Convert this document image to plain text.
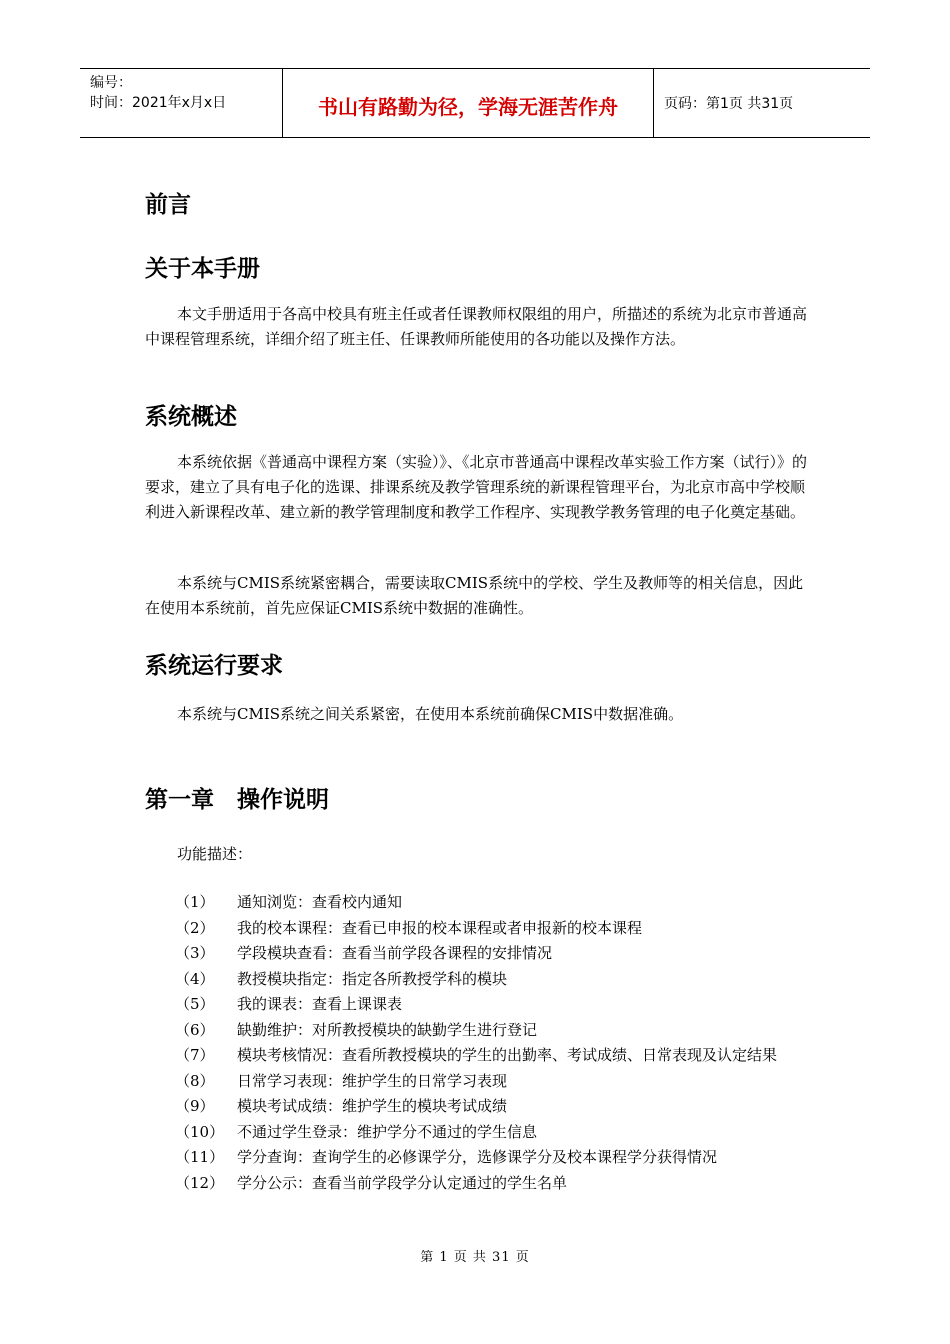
编号：
时间：2021年x月x日	书山有路勤为径，学海无涯苦作舟	页码：第1页 共31页
前言
关于本手册

本文手册适用于各高中校具有班主任或者任课教师权限组的用户，所描述的系统为北京市普通高中课程管理系统，详细介绍了班主任、任课教师所能使用的各功能以及操作方法。

系统概述

本系统依据《普通高中课程方案（实验）》、《北京市普通高中课程改革实验工作方案（试行）》的要求，建立了具有电子化的选课、排课系统及教学管理系统的新课程管理平台，为北京市高中学校顺利进入新课程改革、建立新的教学管理制度和教学工作程序、实现教学教务管理的电子化奠定基础。

本系统与CMIS系统紧密耦合，需要读取CMIS系统中的学校、学生及教师等的相关信息，因此在使用本系统前，首先应保证CMIS系统中数据的准确性。

系统运行要求

本系统与CMIS系统之间关系紧密，在使用本系统前确保CMIS中数据准确。

第一章　操作说明

功能描述：

（1）	通知浏览：查看校内通知
（2）	我的校本课程：查看已申报的校本课程或者申报新的校本课程
（3）	学段模块查看：查看当前学段各课程的安排情况
（4）	教授模块指定：指定各所教授学科的模块
（5）	我的课表：查看上课课表
（6）	缺勤维护：对所教授模块的缺勤学生进行登记
（7）	模块考核情况：查看所教授模块的学生的出勤率、考试成绩、日常表现及认定结果
（8）	日常学习表现：维护学生的日常学习表现
（9）	模块考试成绩：维护学生的模块考试成绩
（10） 不通过学生登录：维护学分不通过的学生信息
（11） 学分查询：查询学生的必修课学分，选修课学分及校本课程学分获得情况
（12） 学分公示：查看当前学段学分认定通过的学生名单
第 1 页 共 31 页
